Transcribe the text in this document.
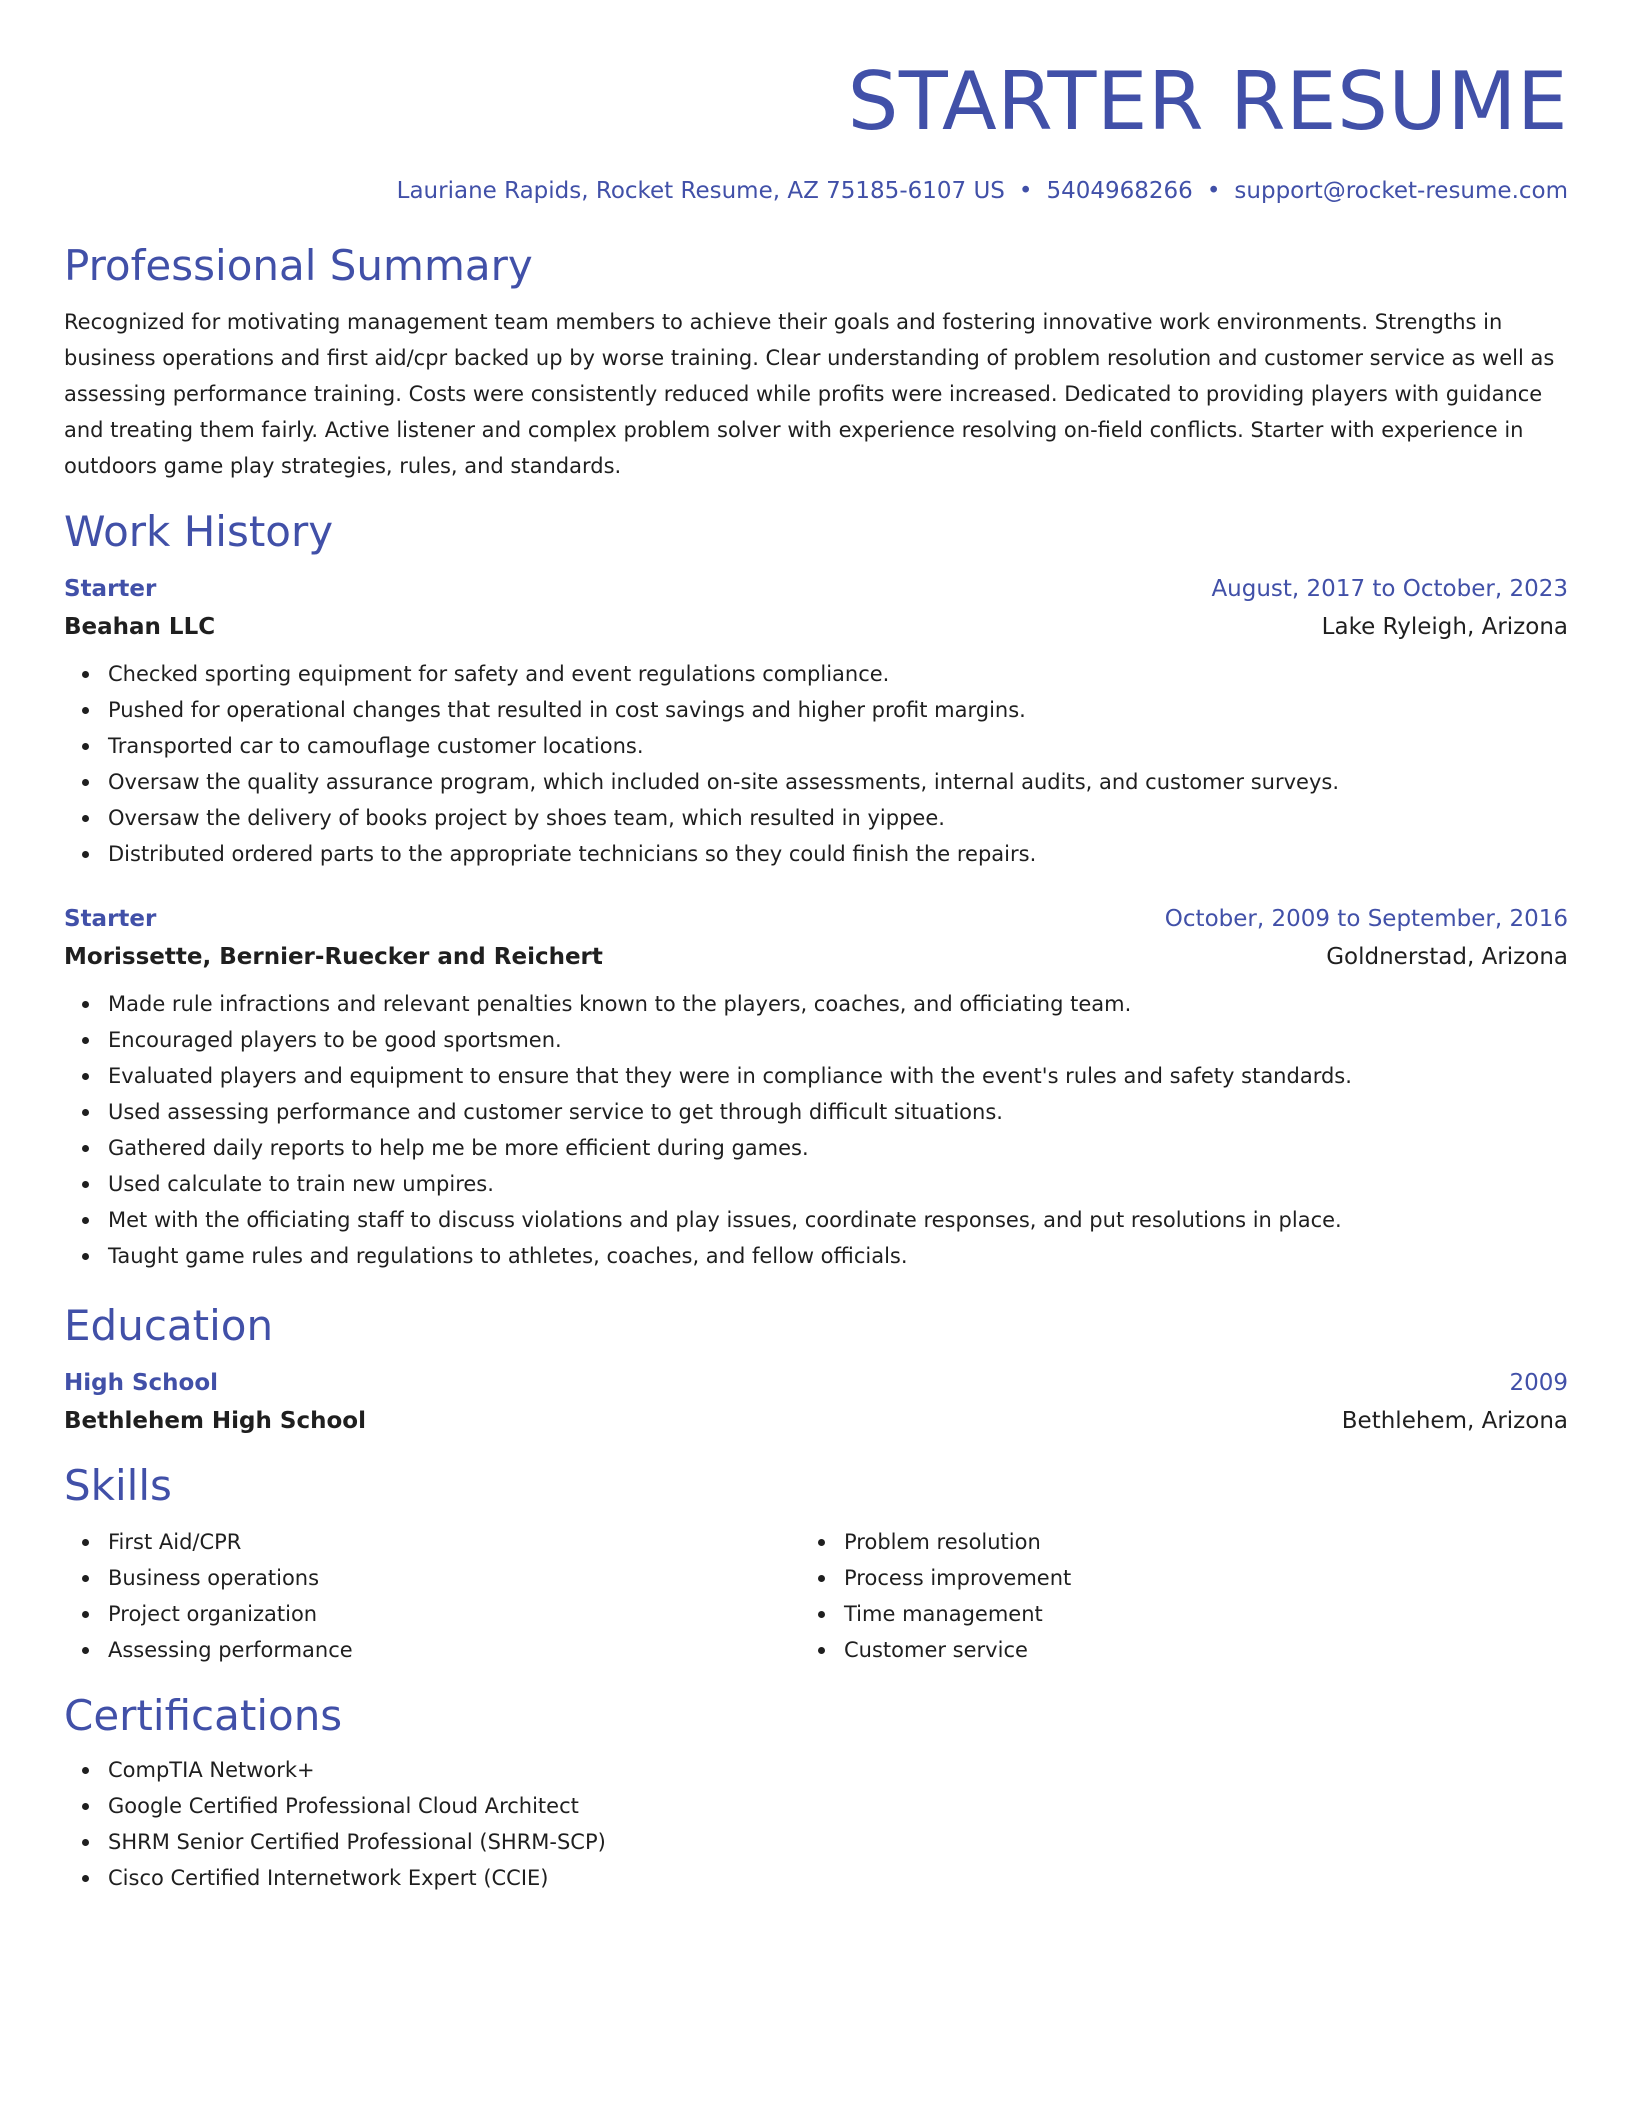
STARTER RESUME
Lauriane Rapids, Rocket Resume, AZ 75185-6107 US • 5404968266 • support@rocket-resume.com
Professional Summary

Recognized for motivating management team members to achieve their goals and fostering innovative work environments. Strengths in business operations and first aid/cpr backed up by worse training. Clear understanding of problem resolution and customer service as well as assessing performance training. Costs were consistently reduced while profits were increased. Dedicated to providing players with guidance and treating them fairly. Active listener and complex problem solver with experience resolving on-field conflicts. Starter with experience in outdoors game play strategies, rules, and standards.

Work History
Starter	August, 2017 to October, 2023
Beahan LLC	Lake Ryleigh, Arizona
Checked sporting equipment for safety and event regulations compliance.
Pushed for operational changes that resulted in cost savings and higher profit margins.
Transported car to camouflage customer locations.
Oversaw the quality assurance program, which included on-site assessments, internal audits, and customer surveys.
Oversaw the delivery of books project by shoes team, which resulted in yippee.
Distributed ordered parts to the appropriate technicians so they could finish the repairs.
Starter	October, 2009 to September, 2016
Morissette, Bernier-Ruecker and Reichert	Goldnerstad, Arizona
Made rule infractions and relevant penalties known to the players, coaches, and officiating team.
Encouraged players to be good sportsmen.
Evaluated players and equipment to ensure that they were in compliance with the event's rules and safety standards.
Used assessing performance and customer service to get through difficult situations.
Gathered daily reports to help me be more efficient during games.
Used calculate to train new umpires.
Met with the officiating staff to discuss violations and play issues, coordinate responses, and put resolutions in place.
Taught game rules and regulations to athletes, coaches, and fellow officials.
Education
High School	2009
Bethlehem High School	Bethlehem, Arizona
Skills
First Aid/CPR
Business operations
Project organization
Assessing performance
Problem resolution
Process improvement
Time management
Customer service
Certifications
CompTIA Network+
Google Certified Professional Cloud Architect
SHRM Senior Certified Professional (SHRM-SCP)
Cisco Certified Internetwork Expert (CCIE)
